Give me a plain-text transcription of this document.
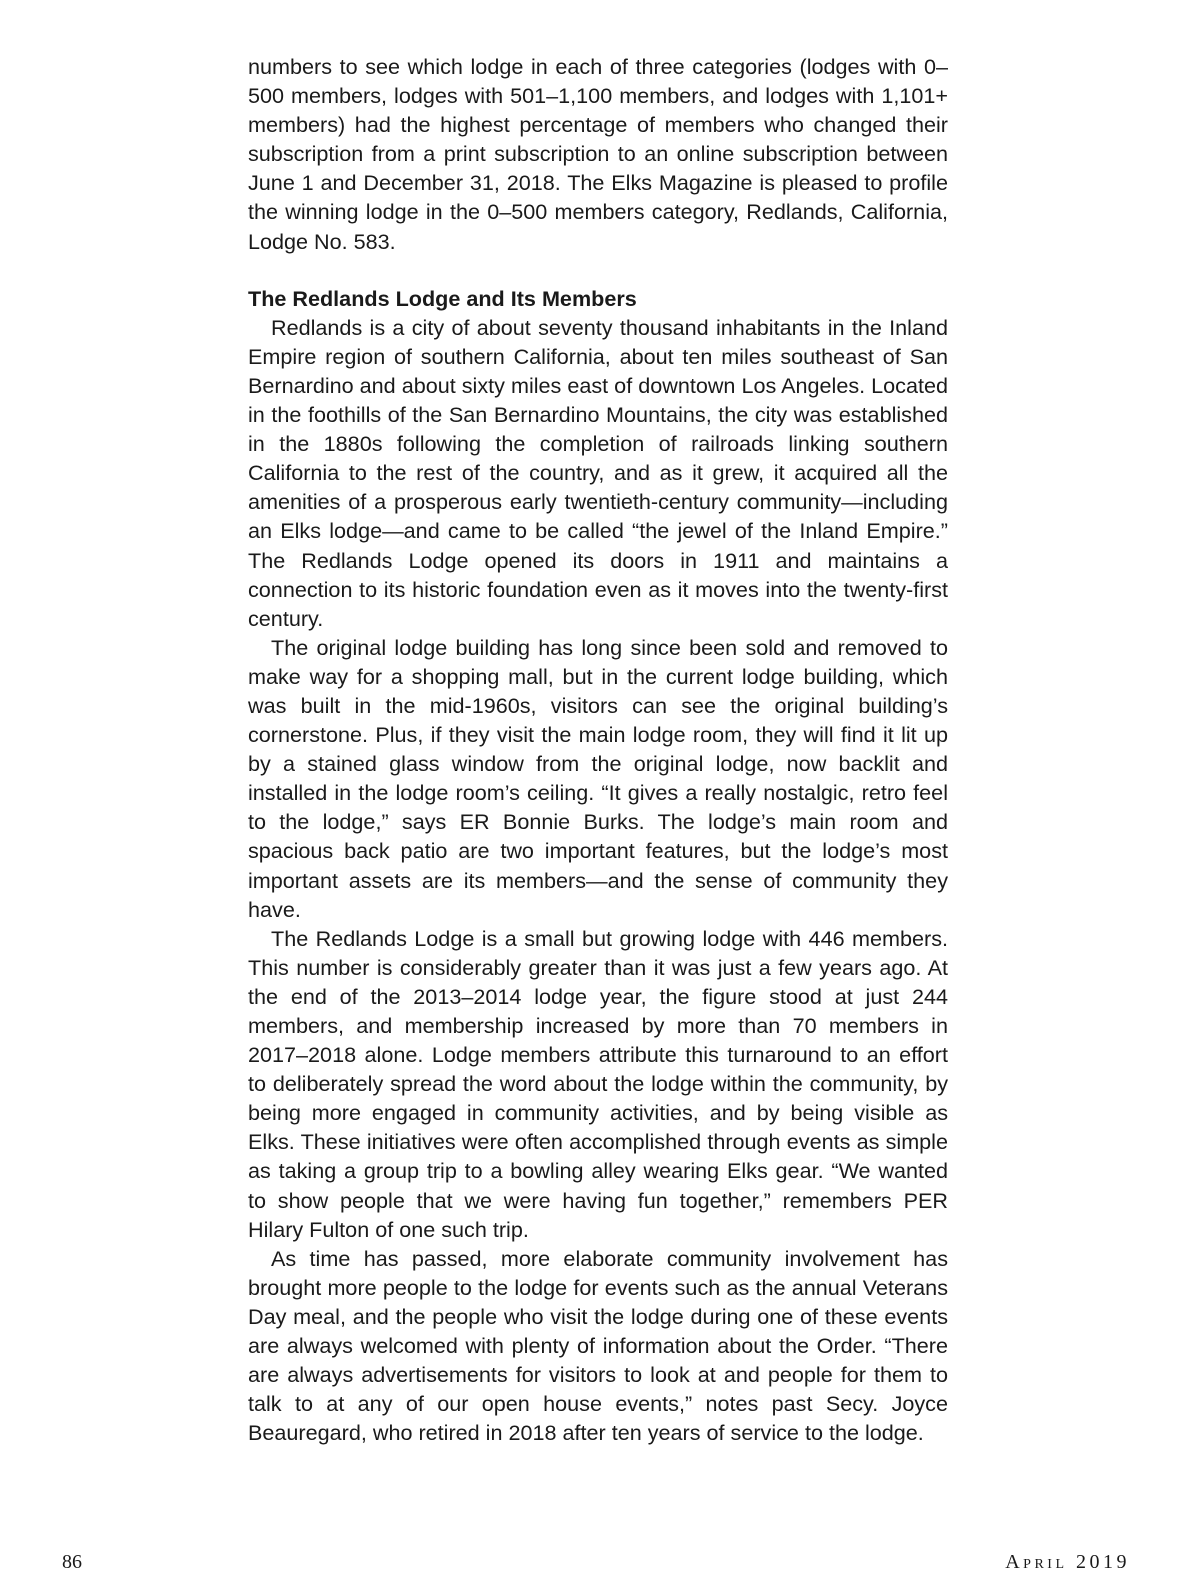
numbers to see which lodge in each of three categories (lodges with 0–500 members, lodges with 501–1,100 members, and lodges with 1,101+ members) had the highest percentage of members who changed their subscription from a print subscription to an online subscription between June 1 and December 31, 2018. The Elks Magazine is pleased to profile the winning lodge in the 0–500 members category, Redlands, California, Lodge No. 583.

The Redlands Lodge and Its Members

Redlands is a city of about seventy thousand inhabitants in the Inland Empire region of southern California, about ten miles southeast of San Bernardino and about sixty miles east of downtown Los Angeles. Located in the foothills of the San Bernardino Mountains, the city was established in the 1880s following the completion of railroads linking southern California to the rest of the country, and as it grew, it acquired all the amenities of a prosperous early twentieth-century community—including an Elks lodge—and came to be called “the jewel of the Inland Empire.” The Redlands Lodge opened its doors in 1911 and maintains a connection to its historic foundation even as it moves into the twenty-first century.

The original lodge building has long since been sold and removed to make way for a shopping mall, but in the current lodge building, which was built in the mid-1960s, visitors can see the original building’s cornerstone. Plus, if they visit the main lodge room, they will find it lit up by a stained glass window from the original lodge, now backlit and installed in the lodge room’s ceiling. “It gives a really nostalgic, retro feel to the lodge,” says ER Bonnie Burks. The lodge’s main room and spacious back patio are two important features, but the lodge’s most important assets are its members—and the sense of community they have.

The Redlands Lodge is a small but growing lodge with 446 members. This number is considerably greater than it was just a few years ago. At the end of the 2013–2014 lodge year, the figure stood at just 244 members, and membership increased by more than 70 members in 2017–2018 alone. Lodge members attribute this turnaround to an effort to deliberately spread the word about the lodge within the community, by being more engaged in community activities, and by being visible as Elks. These initiatives were often accomplished through events as simple as taking a group trip to a bowling alley wearing Elks gear. “We wanted to show people that we were having fun together,” remembers PER Hilary Fulton of one such trip.

As time has passed, more elaborate community involvement has brought more people to the lodge for events such as the annual Veterans Day meal, and the people who visit the lodge during one of these events are always welcomed with plenty of information about the Order. “There are always advertisements for visitors to look at and people for them to talk to at any of our open house events,” notes past Secy. Joyce Beauregard, who retired in 2018 after ten years of service to the lodge.

86	April 2019
